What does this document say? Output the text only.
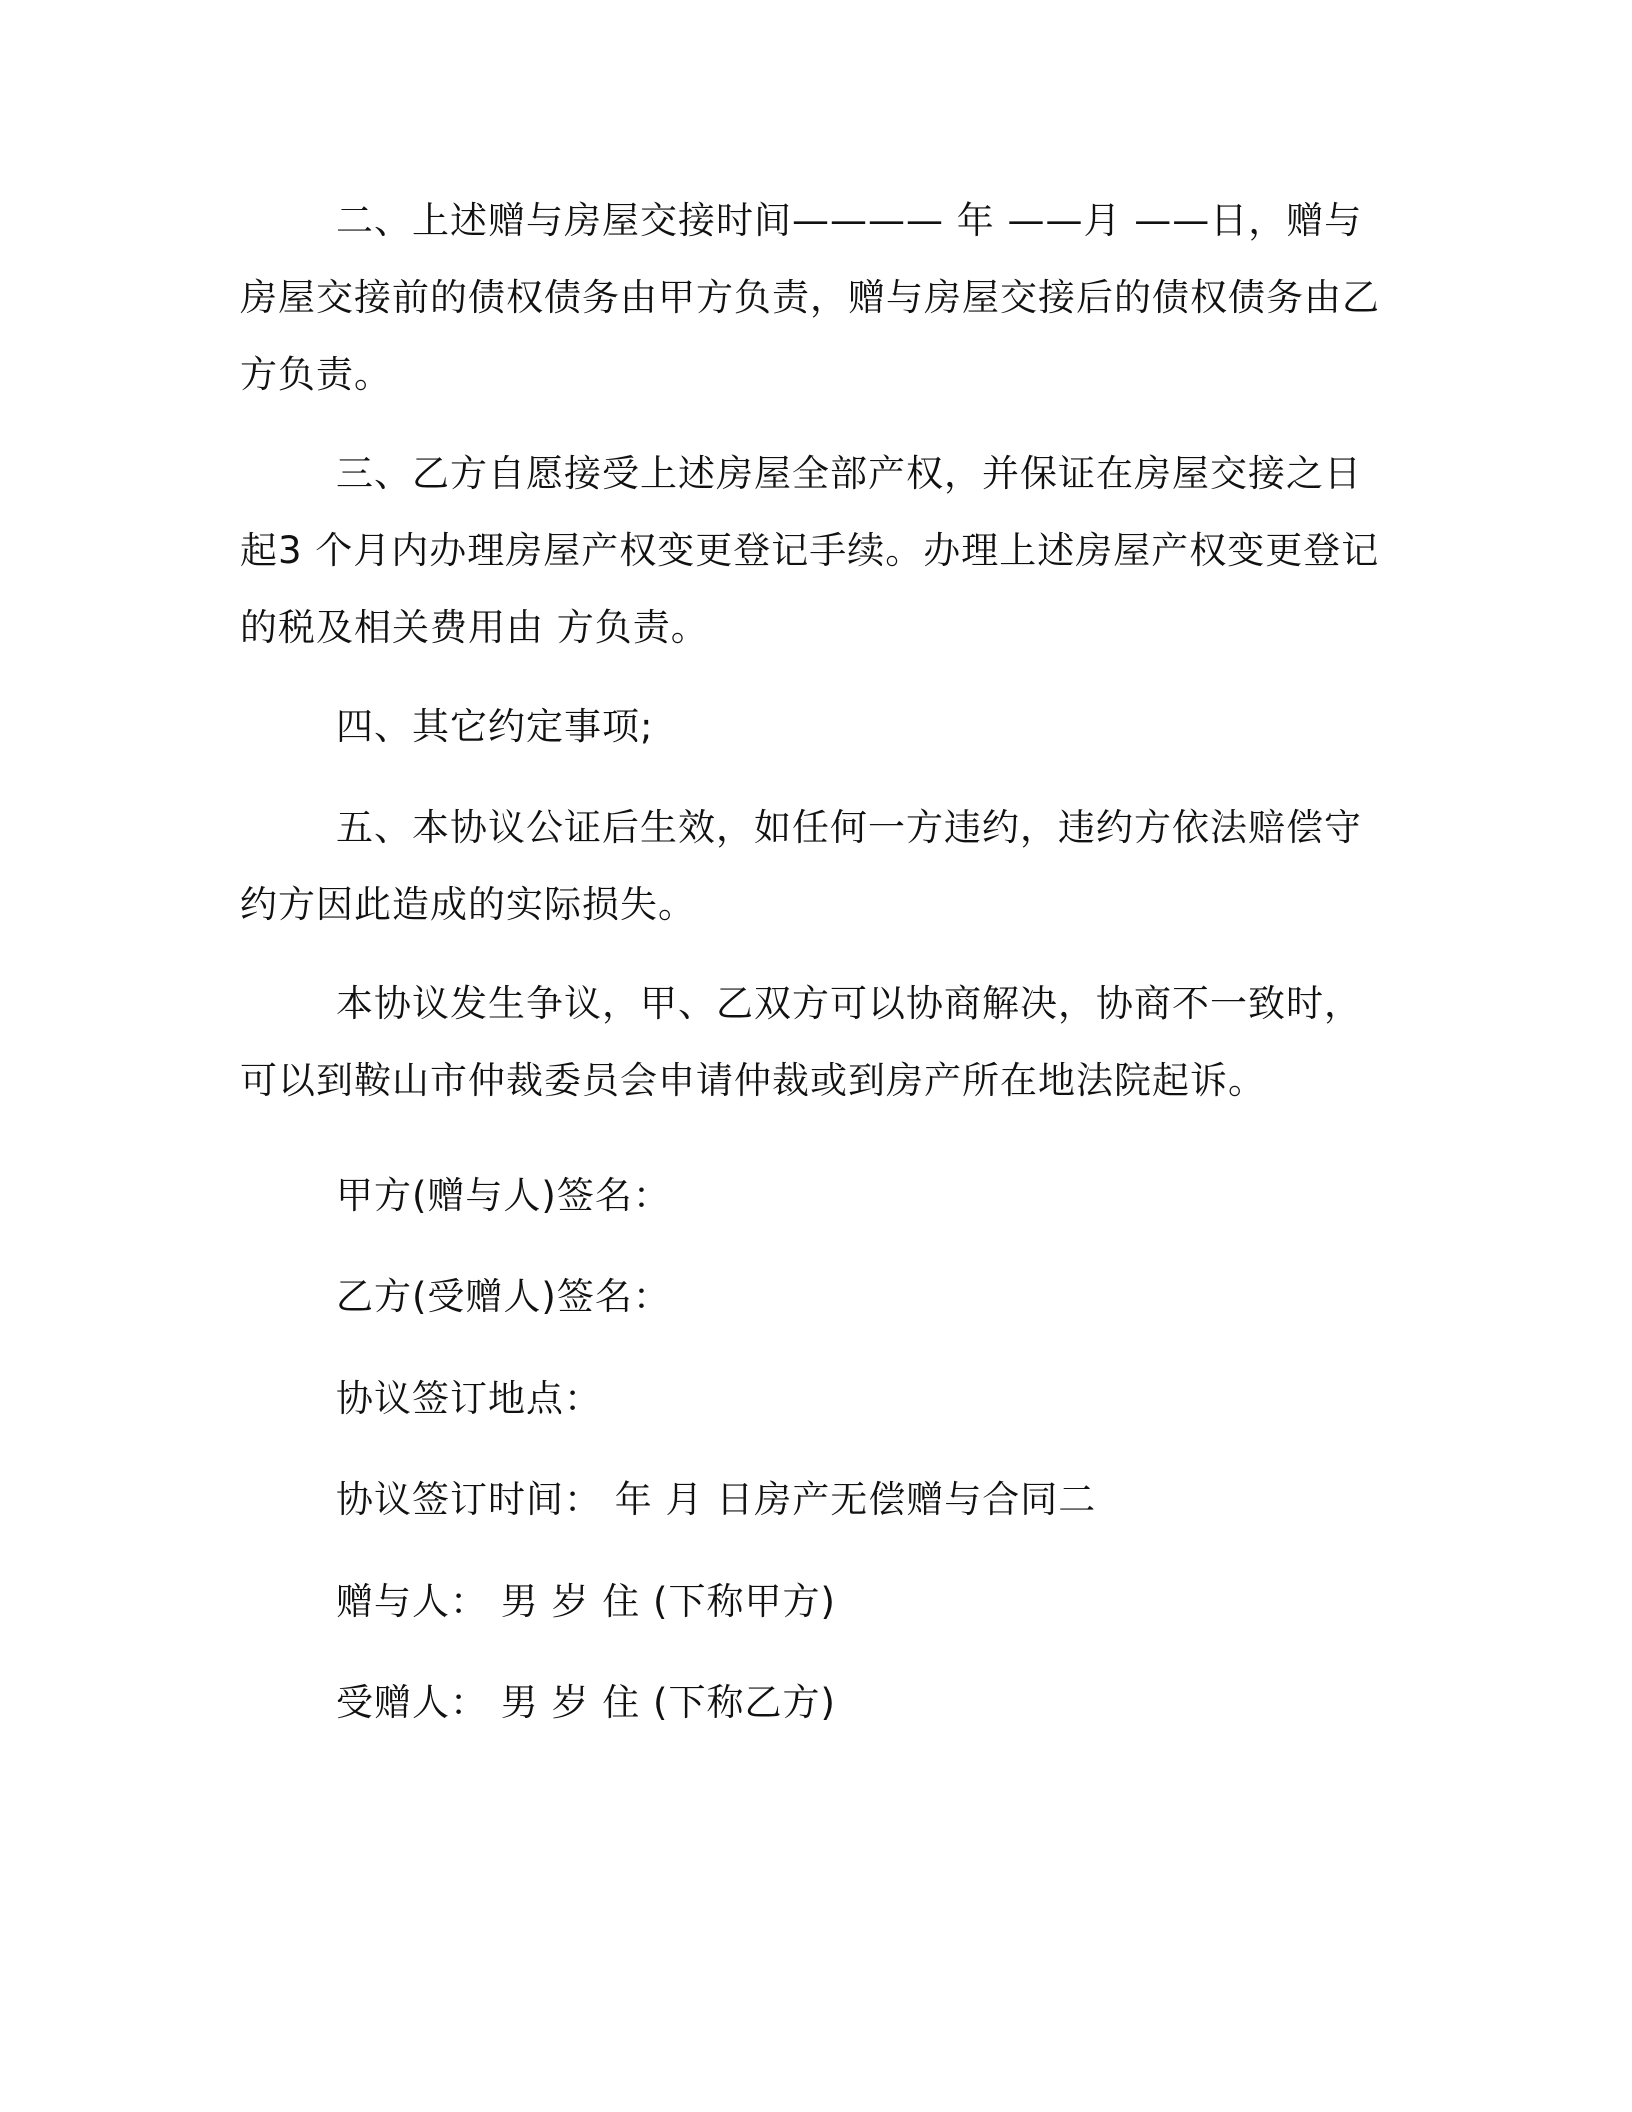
二、上述赠与房屋交接时间———— 年 ——月 ——日，赠与房屋交接前的债权债务由甲方负责，赠与房屋交接后的债权债务由乙方负责。

三、乙方自愿接受上述房屋全部产权，并保证在房屋交接之日起3 个月内办理房屋产权变更登记手续。办理上述房屋产权变更登记的税及相关费用由 方负责。

四、其它约定事项;

五、本协议公证后生效，如任何一方违约，违约方依法赔偿守约方因此造成的实际损失。

本协议发生争议，甲、乙双方可以协商解决，协商不一致时，可以到鞍山市仲裁委员会申请仲裁或到房产所在地法院起诉。

甲方(赠与人)签名：

乙方(受赠人)签名：

协议签订地点：

协议签订时间： 年 月 日房产无偿赠与合同二

赠与人： 男 岁 住 (下称甲方)

受赠人： 男 岁 住 (下称乙方)
